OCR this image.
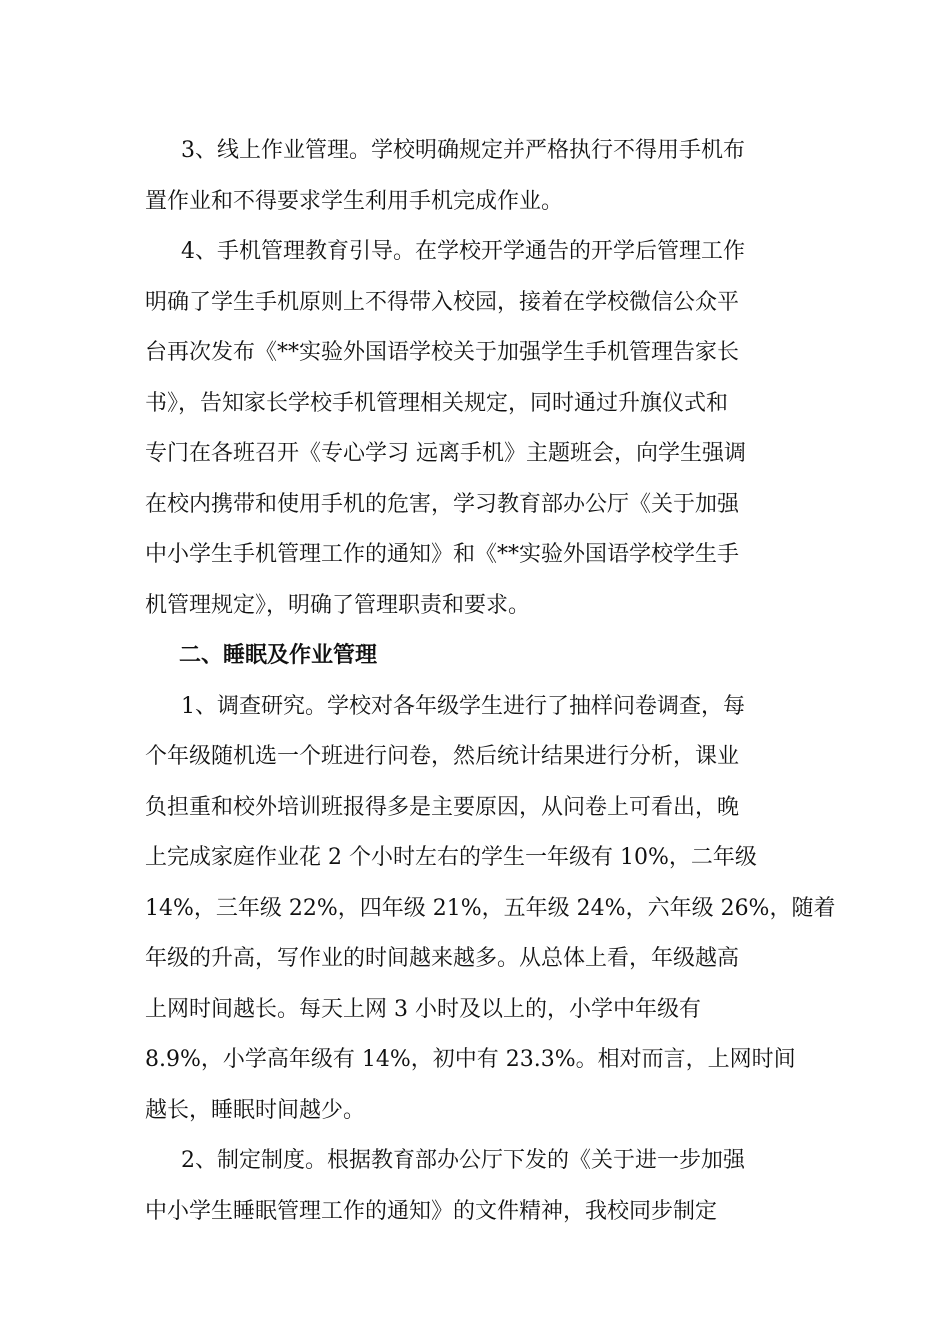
3、线上作业管理。学校明确规定并严格执行不得用手机布
置作业和不得要求学生利用手机完成作业。
4、手机管理教育引导。在学校开学通告的开学后管理工作
明确了学生手机原则上不得带入校园，接着在学校微信公众平
台再次发布《**实验外国语学校关于加强学生手机管理告家长
书》，告知家长学校手机管理相关规定，同时通过升旗仪式和
专门在各班召开《专心学习 远离手机》主题班会，向学生强调
在校内携带和使用手机的危害，学习教育部办公厅《关于加强
中小学生手机管理工作的通知》和《**实验外国语学校学生手
机管理规定》，明确了管理职责和要求。
二、睡眠及作业管理
1、调查研究。学校对各年级学生进行了抽样问卷调查，每
个年级随机选一个班进行问卷，然后统计结果进行分析，课业
负担重和校外培训班报得多是主要原因，从问卷上可看出，晚
上完成家庭作业花 2 个小时左右的学生一年级有 10%，二年级
14%，三年级 22%，四年级 21%，五年级 24%，六年级 26%，随着
年级的升高，写作业的时间越来越多。从总体上看，年级越高
上网时间越长。每天上网 3 小时及以上的，小学中年级有
8.9%，小学高年级有 14%，初中有 23.3%。相对而言，上网时间
越长，睡眠时间越少。
2、制定制度。根据教育部办公厅下发的《关于进一步加强
中小学生睡眠管理工作的通知》的文件精神，我校同步制定
